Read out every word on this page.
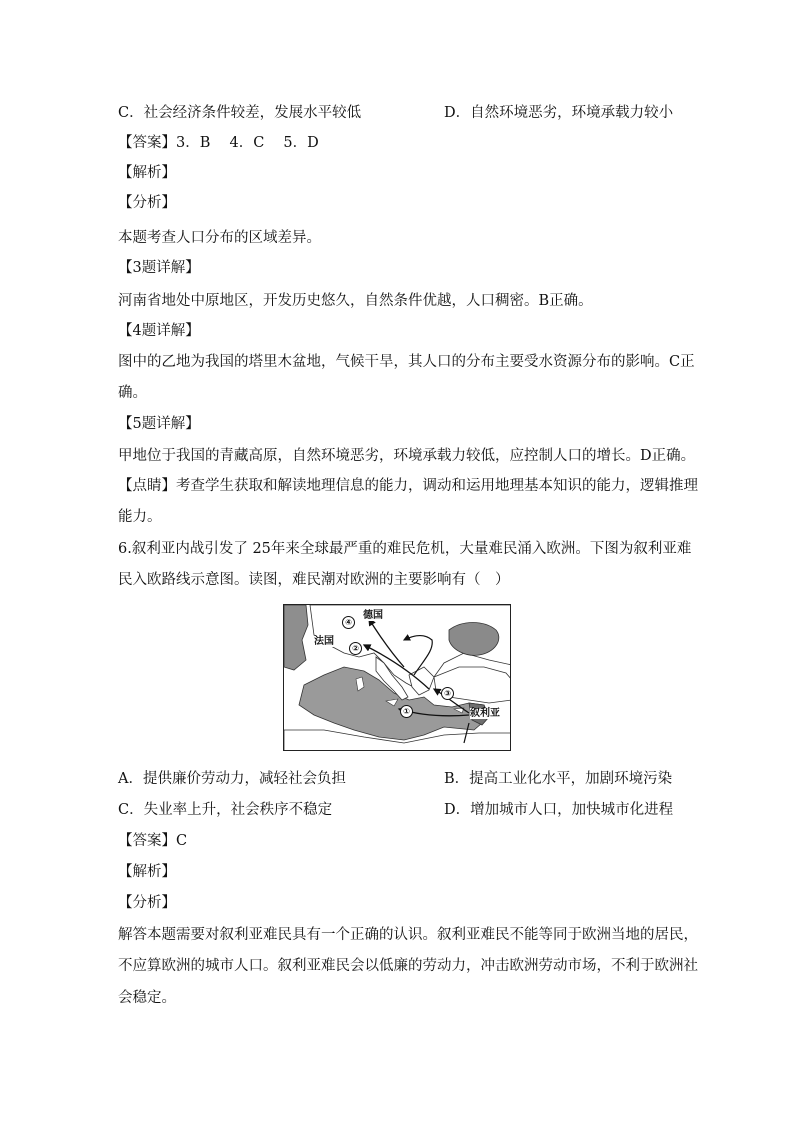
C．社会经济条件较差，发展水平较低	D．自然环境恶劣，环境承载力较小
【答案】3．B　 4．C　 5．D
【解析】
【分析】
本题考查人口分布的区域差异。
【3题详解】
河南省地处中原地区，开发历史悠久，自然条件优越，人口稠密。B正确。
【4题详解】
图中的乙地为我国的塔里木盆地，气候干旱，其人口的分布主要受水资源分布的影响。C正
确。
【5题详解】
甲地位于我国的青藏高原，自然环境恶劣，环境承载力较低，应控制人口的增长。D正确。
【点睛】考查学生获取和解读地理信息的能力，调动和运用地理基本知识的能力，逻辑推理
能力。
6.叙利亚内战引发了 25年来全球最严重的难民危机，大量难民涌入欧洲。下图为叙利亚难
民入欧路线示意图。读图，难民潮对欧洲的主要影响有（　）
德国
法国
叙利亚
①
②
③
④
A．提供廉价劳动力，减轻社会负担	B．提高工业化水平，加剧环境污染
C．失业率上升，社会秩序不稳定	D．增加城市人口，加快城市化进程
【答案】C
【解析】
【分析】
解答本题需要对叙利亚难民具有一个正确的认识。叙利亚难民不能等同于欧洲当地的居民，
不应算欧洲的城市人口。叙利亚难民会以低廉的劳动力，冲击欧洲劳动市场，不利于欧洲社
会稳定。
